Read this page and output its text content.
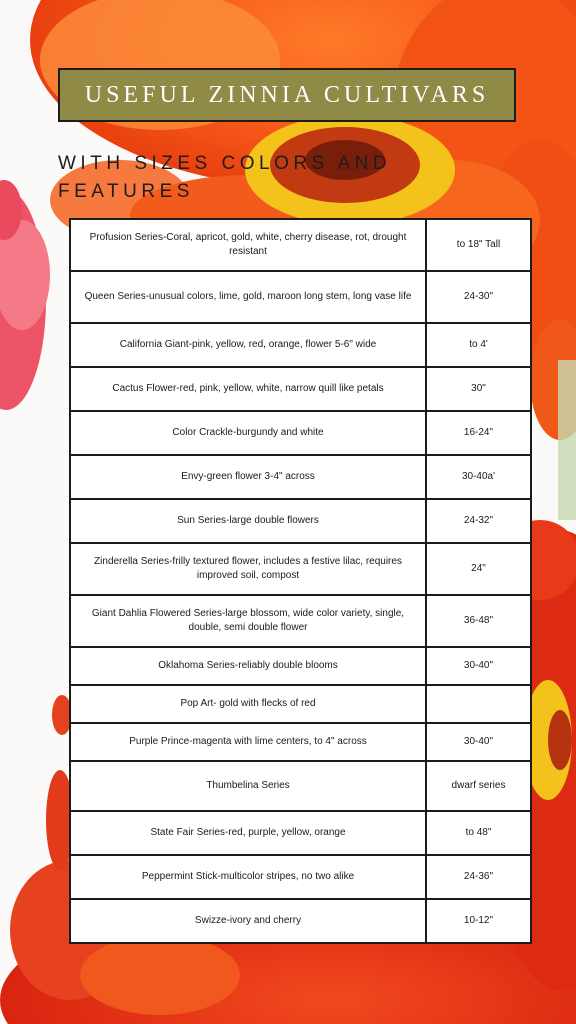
USEFUL ZINNIA CULTIVARS
WITH SIZES COLORS AND FEATURES
Profusion Series-Coral, apricot, gold, white, cherry disease, rot, drought resistant	to 18" Tall
Queen Series-unusual colors, lime, gold, maroon long stem, long vase life	24-30"
California Giant-pink, yellow, red, orange, flower 5-6" wide	to 4'
Cactus Flower-red, pink, yellow, white, narrow quill like petals	30"
Color Crackle-burgundy and white	16-24"
Envy-green flower 3-4" across	30-40a'
Sun Series-large double flowers	24-32"
Zinderella Series-frilly textured flower, includes a festive lilac, requires improved soil, compost	24"
Giant Dahlia Flowered Series-large blossom, wide color variety, single, double, semi double flower	36-48"
Oklahoma Series-reliably double blooms	30-40"
Pop Art- gold with flecks of red	
Purple Prince-magenta with lime centers, to 4" across	30-40"
Thumbelina Series	dwarf series
State Fair Series-red, purple, yellow, orange	to 48"
Peppermint Stick-multicolor stripes, no two alike	24-36"
Swizze-ivory and cherry	10-12"
